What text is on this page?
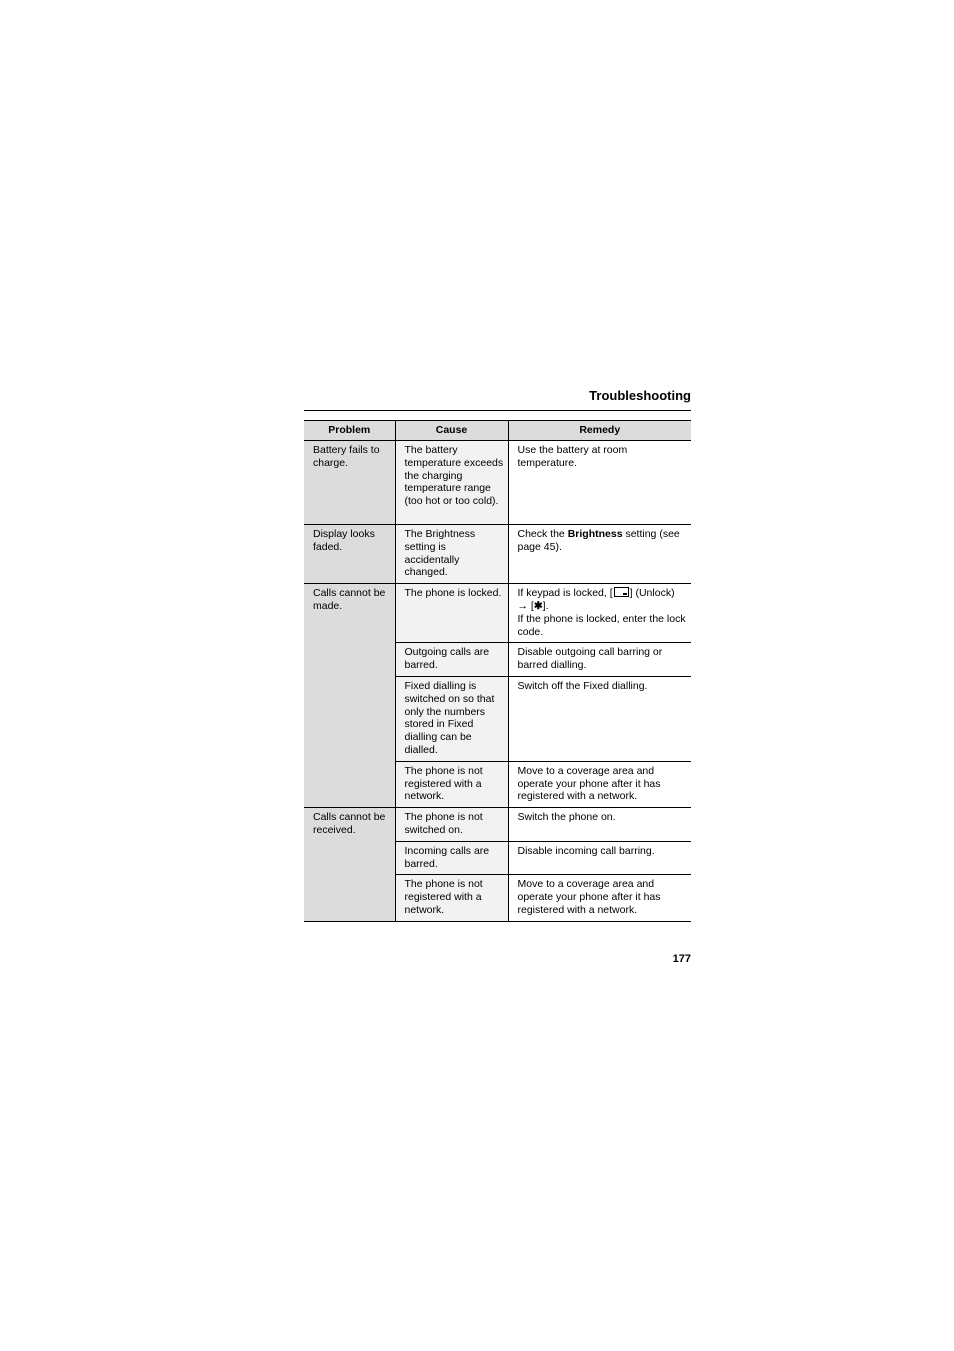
Troubleshooting
Problem	Cause	Remedy
Battery fails to charge.	The battery temperature exceeds the charging temperature range (too hot or too cold).	Use the battery at room temperature.
Display looks faded.	The Brightness setting is accidentally changed.	Check the Brightness setting (see page 45).
Calls cannot be made.	The phone is locked.	If keypad is locked, [ ] (Unlock)
→ [✱].
If the phone is locked, enter the lock code.
	Outgoing calls are barred.	Disable outgoing call barring or barred dialling.
	Fixed dialling is switched on so that only the numbers stored in Fixed dialling can be dialled.	Switch off the Fixed dialling.
	The phone is not registered with a network.	Move to a coverage area and operate your phone after it has registered with a network.
Calls cannot be received.	The phone is not switched on.	Switch the phone on.
	Incoming calls are barred.	Disable incoming call barring.
	The phone is not registered with a network.	Move to a coverage area and operate your phone after it has registered with a network.
177
